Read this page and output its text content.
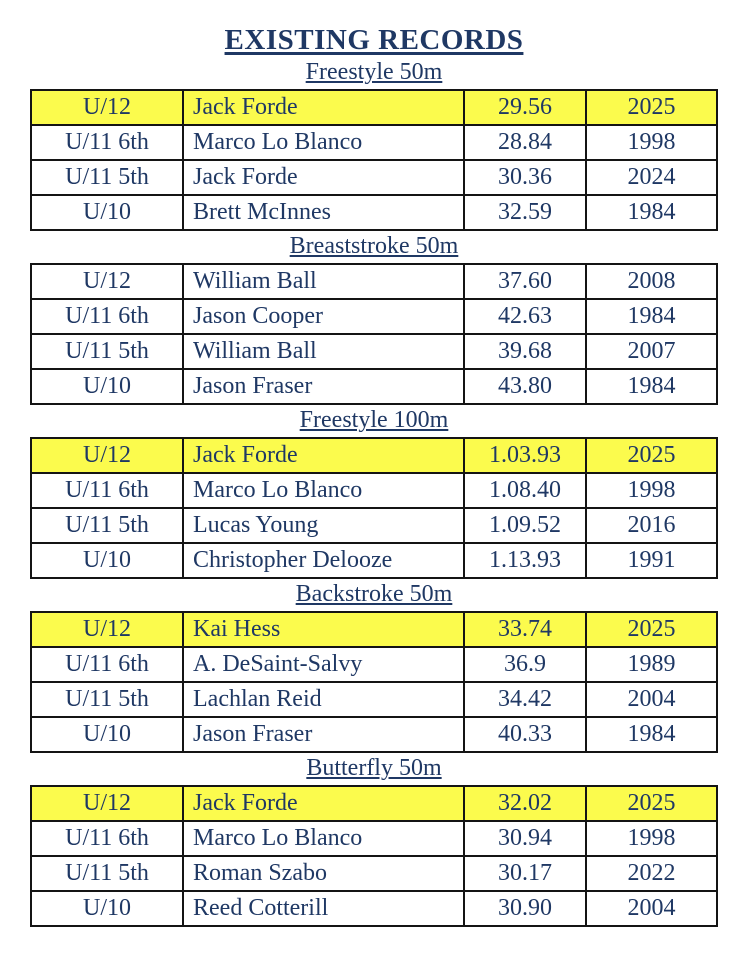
EXISTING RECORDS
Freestyle 50m
U/12	Jack Forde	29.56	2025
U/11 6th	Marco Lo Blanco	28.84	1998
U/11 5th	Jack Forde	30.36	2024
U/10	Brett McInnes	32.59	1984
Breaststroke 50m
U/12	William Ball	37.60	2008
U/11 6th	Jason Cooper	42.63	1984
U/11 5th	William Ball	39.68	2007
U/10	Jason Fraser	43.80	1984
Freestyle 100m
U/12	Jack Forde	1.03.93	2025
U/11 6th	Marco Lo Blanco	1.08.40	1998
U/11 5th	Lucas Young	1.09.52	2016
U/10	Christopher Delooze	1.13.93	1991
Backstroke 50m
U/12	Kai Hess	33.74	2025
U/11 6th	A. DeSaint-Salvy	36.9	1989
U/11 5th	Lachlan Reid	34.42	2004
U/10	Jason Fraser	40.33	1984
Butterfly 50m
U/12	Jack Forde	32.02	2025
U/11 6th	Marco Lo Blanco	30.94	1998
U/11 5th	Roman Szabo	30.17	2022
U/10	Reed Cotterill	30.90	2004
